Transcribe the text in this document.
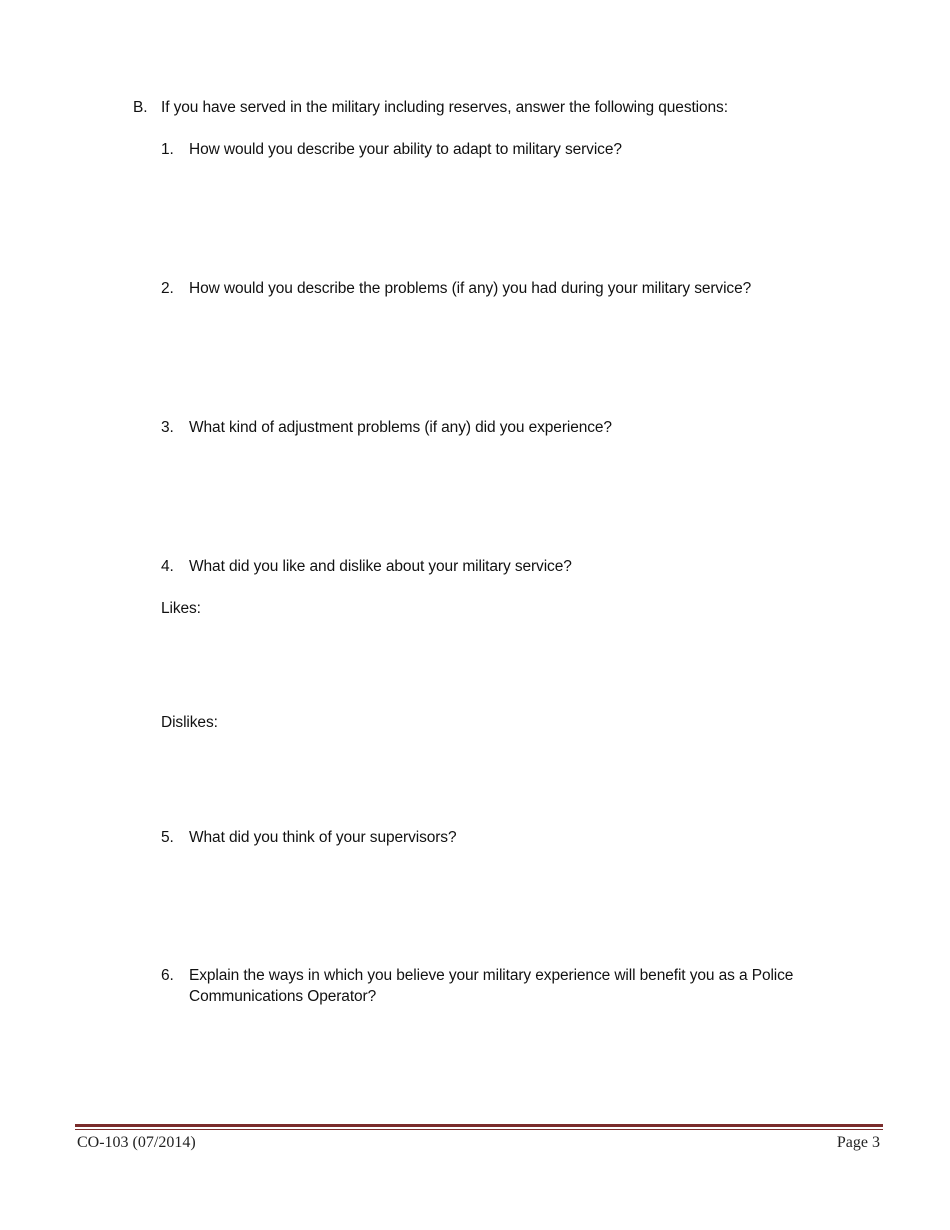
B. If you have served in the military including reserves, answer the following questions:
1. How would you describe your ability to adapt to military service?
2. How would you describe the problems (if any) you had during your military service?
3. What kind of adjustment problems (if any) did you experience?
4. What did you like and dislike about your military service?
Likes:
Dislikes:
5. What did you think of your supervisors?
6. Explain the ways in which you believe your military experience will benefit you as a Police
Communications Operator?
CO-103 (07/2014)	Page 3
